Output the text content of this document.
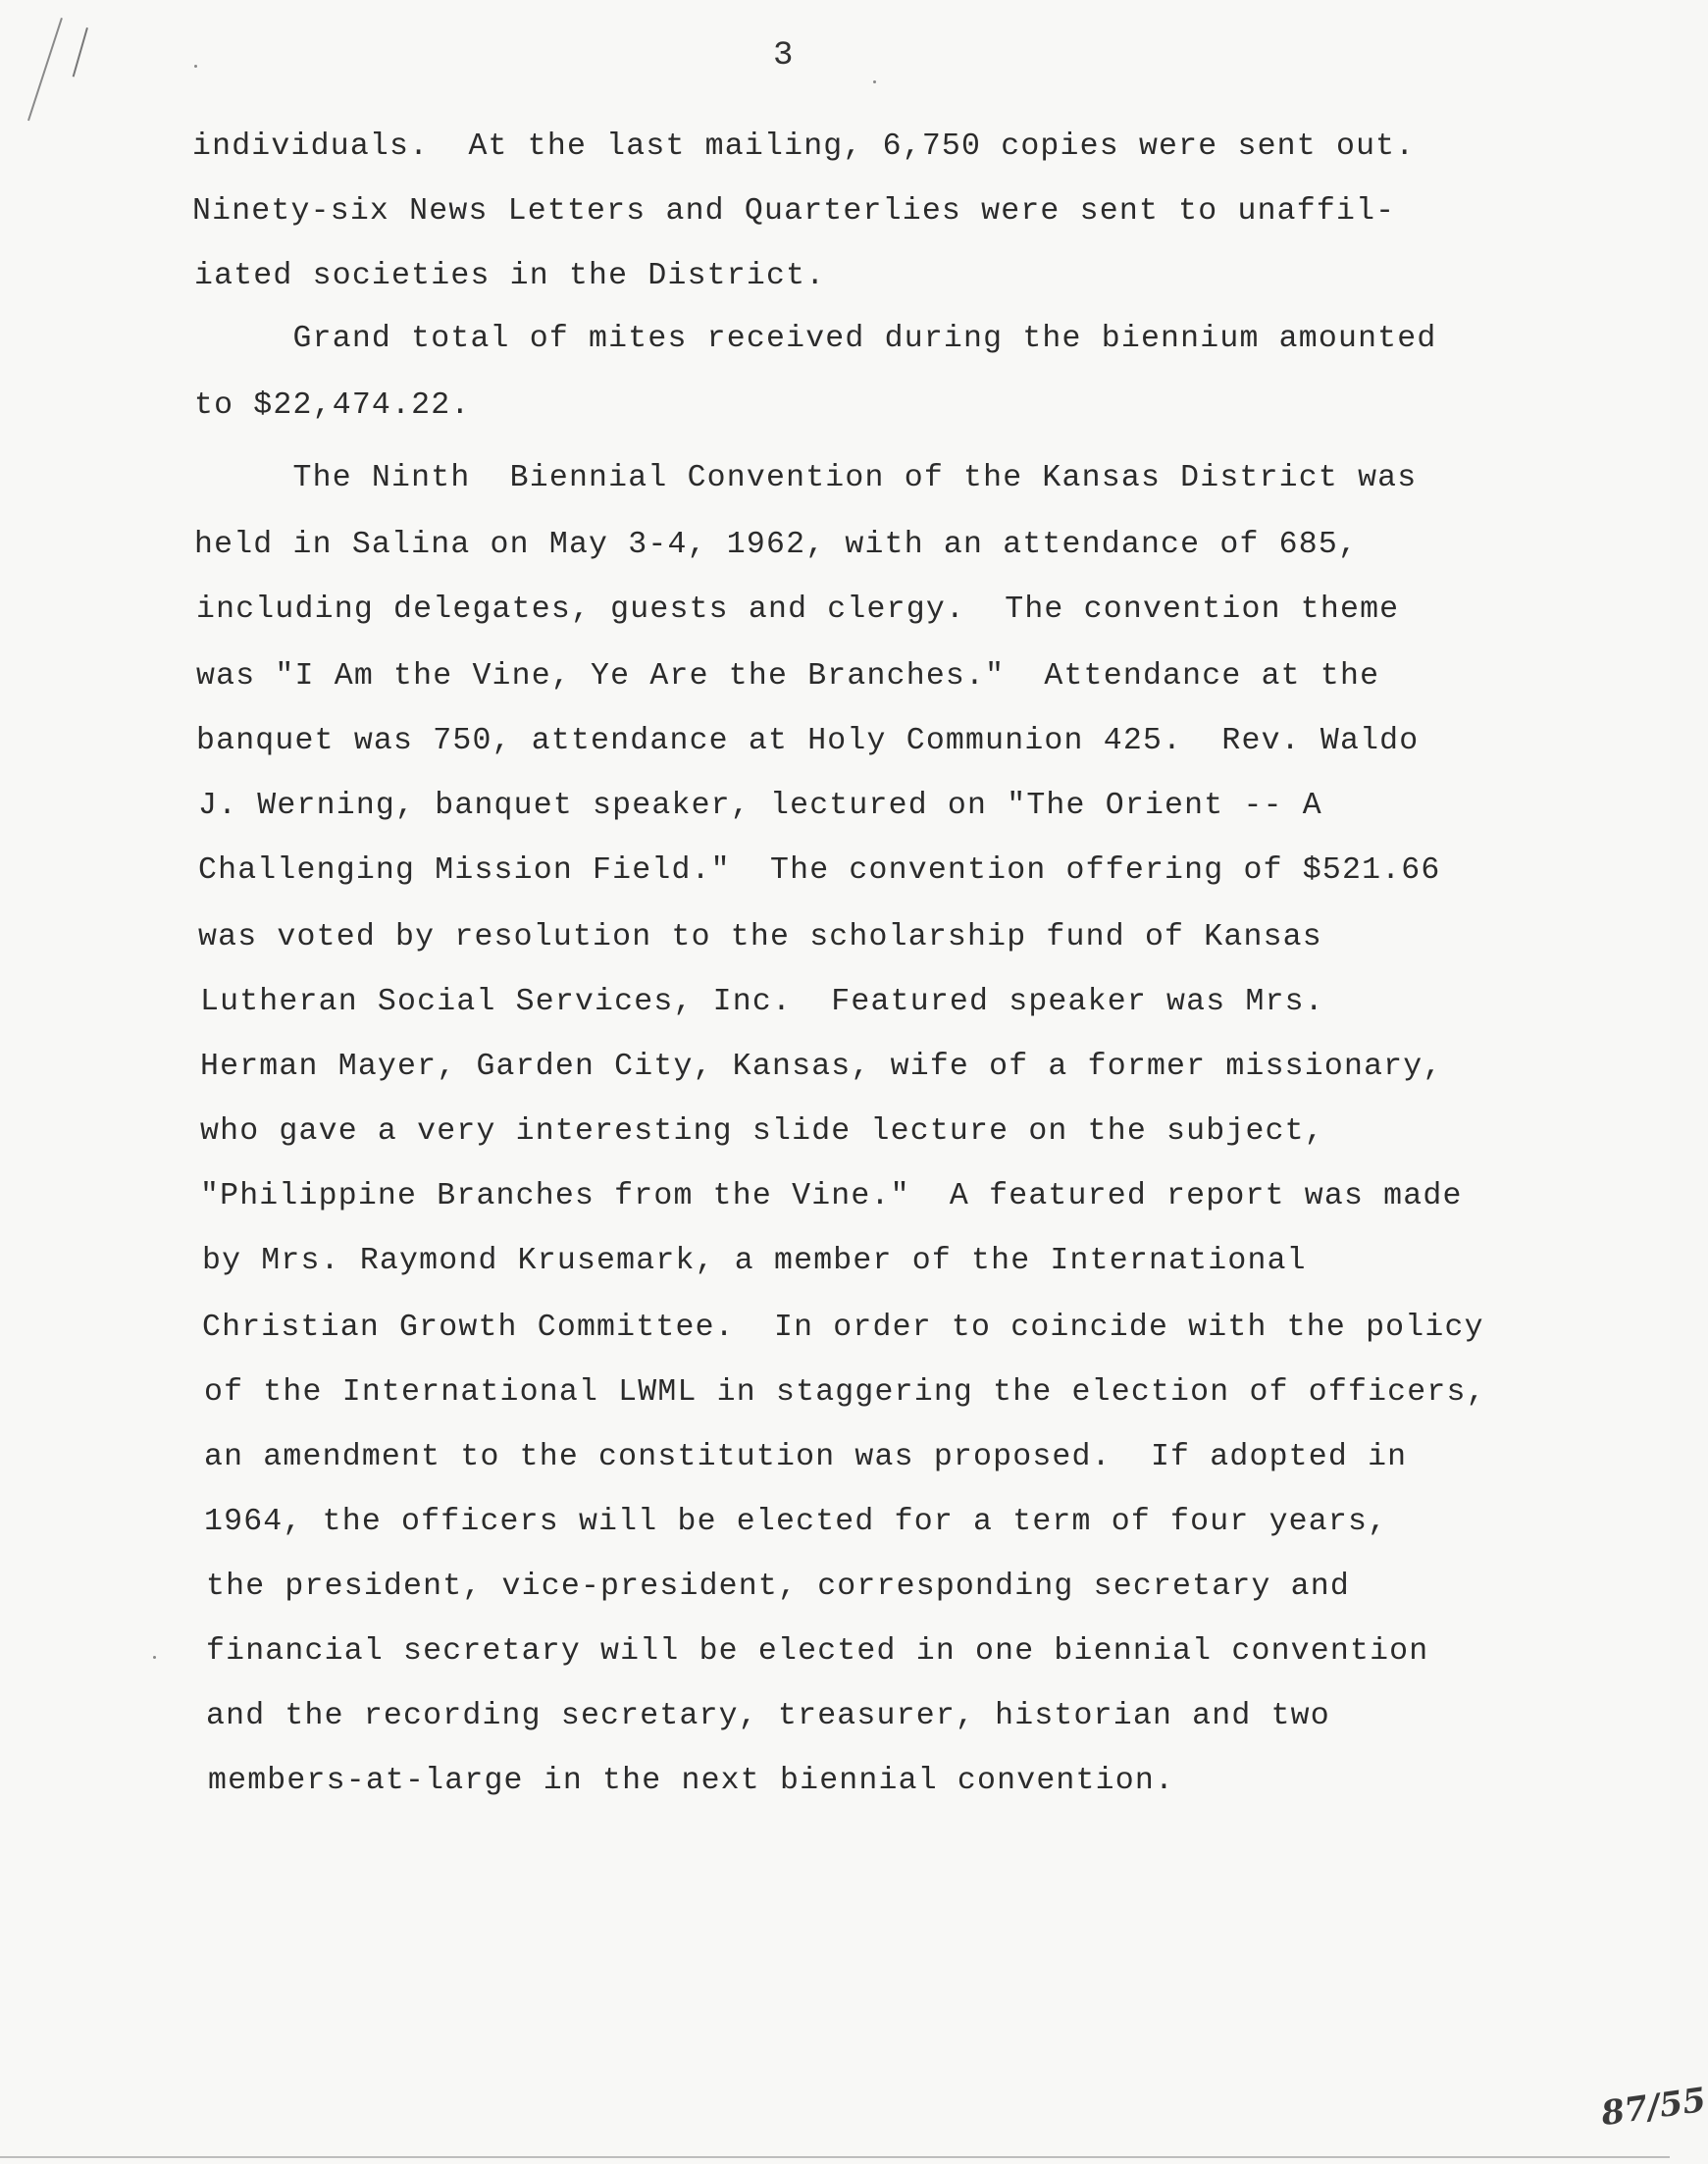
3
individuals.  At the last mailing, 6,750 copies were sent out.
Ninety-six News Letters and Quarterlies were sent to unaffil-
iated societies in the District.
Grand total of mites received during the biennium amounted
to $22,474.22.
The Ninth  Biennial Convention of the Kansas District was
held in Salina on May 3-4, 1962, with an attendance of 685,
including delegates, guests and clergy.  The convention theme
was "I Am the Vine, Ye Are the Branches."  Attendance at the
banquet was 750, attendance at Holy Communion 425.  Rev. Waldo
J. Werning, banquet speaker, lectured on "The Orient -- A
Challenging Mission Field."  The convention offering of $521.66
was voted by resolution to the scholarship fund of Kansas
Lutheran Social Services, Inc.  Featured speaker was Mrs.
Herman Mayer, Garden City, Kansas, wife of a former missionary,
who gave a very interesting slide lecture on the subject,
"Philippine Branches from the Vine."  A featured report was made
by Mrs. Raymond Krusemark, a member of the International
Christian Growth Committee.  In order to coincide with the policy
of the International LWML in staggering the election of officers,
an amendment to the constitution was proposed.  If adopted in
1964, the officers will be elected for a term of four years,
the president, vice-president, corresponding secretary and
financial secretary will be elected in one biennial convention
and the recording secretary, treasurer, historian and two
members-at-large in the next biennial convention.
87/55
